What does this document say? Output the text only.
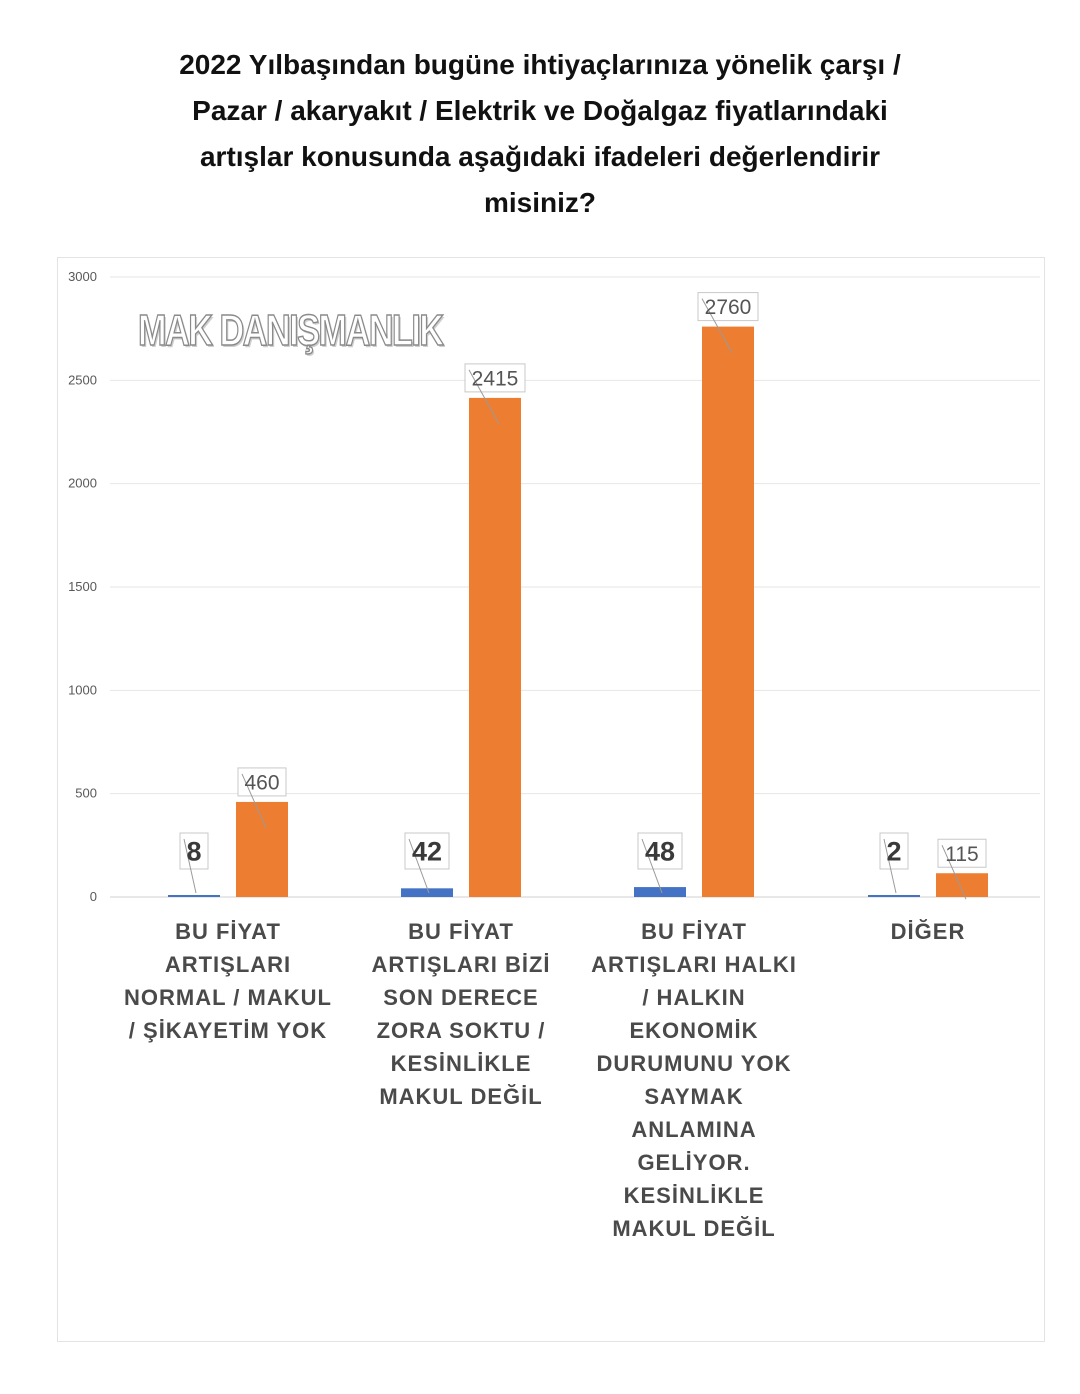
2022 Yılbaşından bugüne ihtiyaçlarınıza yönelik çarşı /
Pazar / akaryakıt / Elektrik ve Doğalgaz fiyatlarındaki
artışlar konusunda aşağıdaki ifadeleri değerlendirir
misiniz?
0
500
1000
1500
2000
2500
3000
8	42	48	2
460
2415
2760
115
MAK DANIŞMANLIK
BU FİYAT
ARTIŞLARI
NORMAL / MAKUL
/ ŞİKAYETİM YOK
BU FİYAT
ARTIŞLARI BİZİ
SON DERECE
ZORA SOKTU /
KESİNLİKLE
MAKUL DEĞİL
BU FİYAT
ARTIŞLARI HALKI
/ HALKIN
EKONOMİK
DURUMUNU YOK
SAYMAK
ANLAMINA
GELİYOR.
KESİNLİKLE
MAKUL DEĞİL
DİĞER
